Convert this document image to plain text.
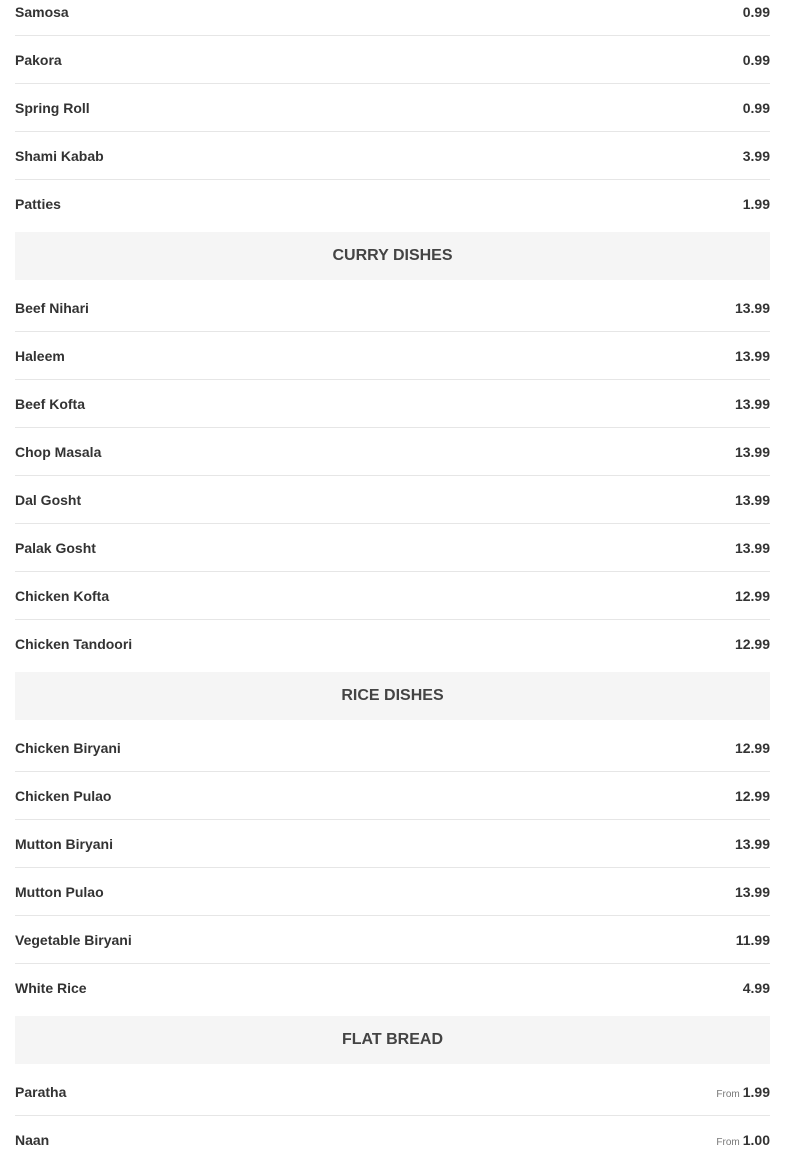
Samosa	0.99
Pakora	0.99
Spring Roll	0.99
Shami Kabab	3.99
Patties	1.99
CURRY DISHES
Beef Nihari	13.99
Haleem	13.99
Beef Kofta	13.99
Chop Masala	13.99
Dal Gosht	13.99
Palak Gosht	13.99
Chicken Kofta	12.99
Chicken Tandoori	12.99
RICE DISHES
Chicken Biryani	12.99
Chicken Pulao	12.99
Mutton Biryani	13.99
Mutton Pulao	13.99
Vegetable Biryani	11.99
White Rice	4.99
FLAT BREAD
Paratha	From 1.99
Naan	From 1.00
